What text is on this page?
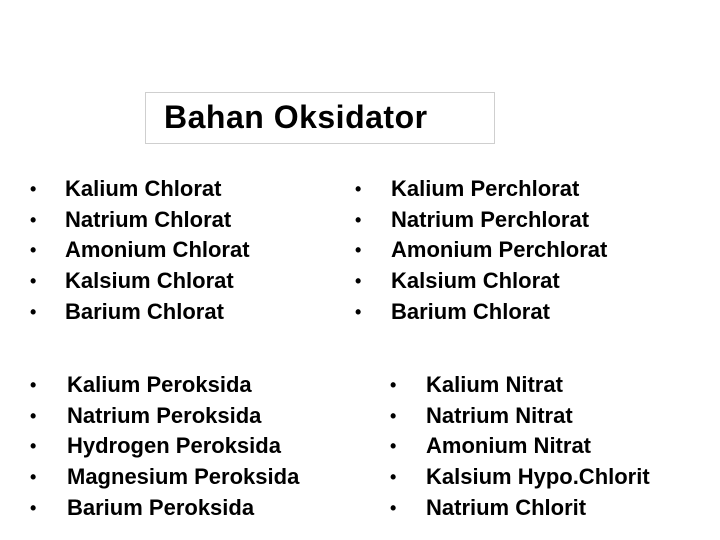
Bahan Oksidator
• Kalium Chlorat
• Natrium Chlorat
• Amonium Chlorat
• Kalsium Chlorat
• Barium Chlorat
• Kalium Perchlorat
• Natrium Perchlorat
• Amonium Perchlorat
• Kalsium Chlorat
• Barium Chlorat
• Kalium Peroksida
• Natrium Peroksida
• Hydrogen Peroksida
• Magnesium Peroksida
• Barium Peroksida
• Kalium Nitrat
• Natrium Nitrat
• Amonium Nitrat
• Kalsium Hypo.Chlorit
• Natrium Chlorit
